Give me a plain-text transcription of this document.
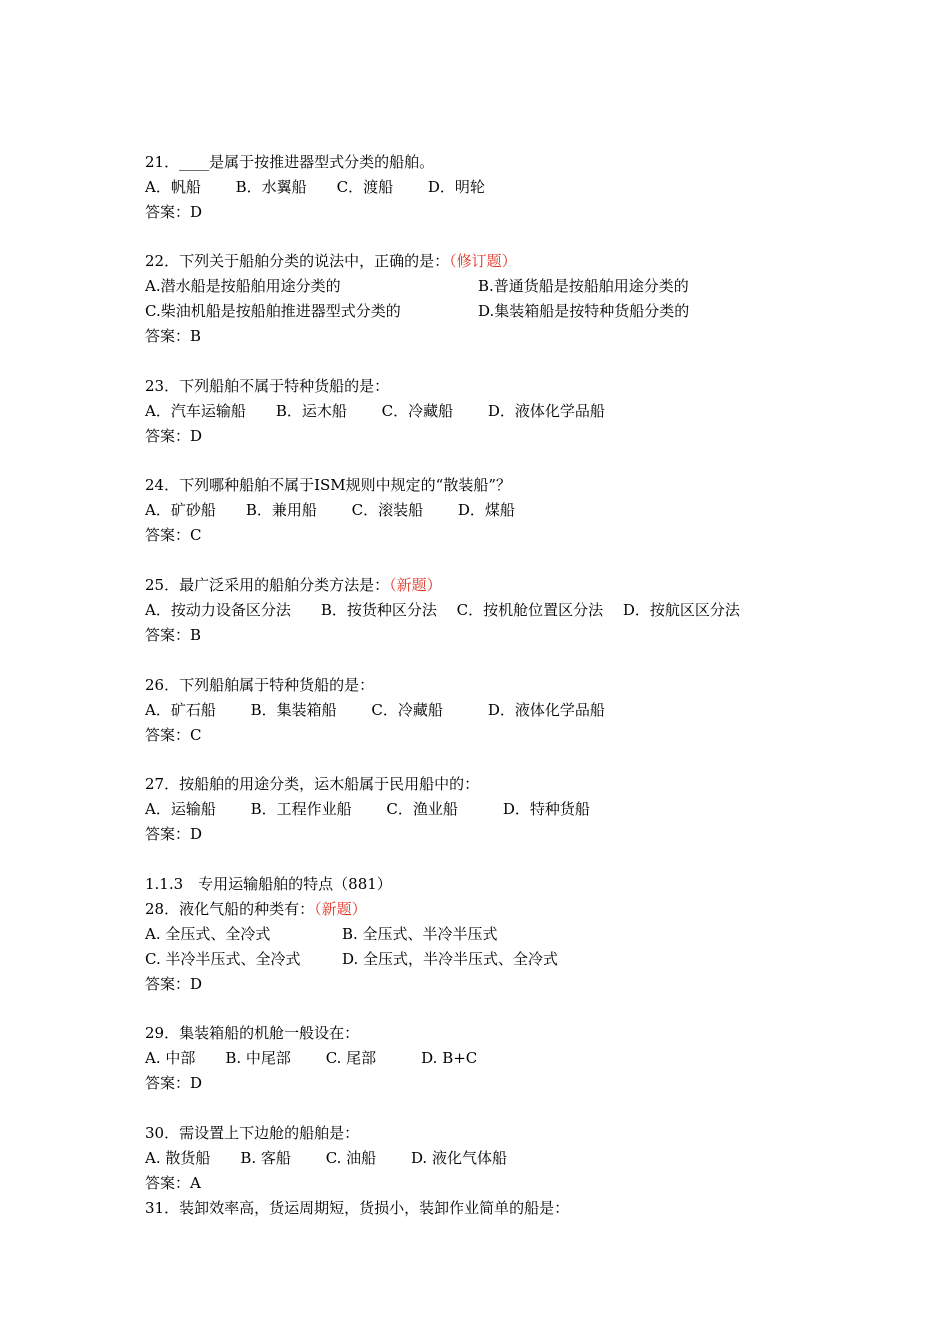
21．____是属于按推进器型式分类的船舶。
A．帆船　　 B．水翼船　　C．渡船　　 D．明轮
答案：D
22．下列关于船舶分类的说法中，正确的是：（修订题）
A.潜水船是按船舶用途分类的	B.普通货船是按船舶用途分类的
C.柴油机船是按船舶推进器型式分类的	D.集装箱船是按特种货船分类的
答案：B
23．下列船舶不属于特种货船的是：
A．汽车运输船　　B．运木船　　 C．冷藏船　　 D．液体化学品船
答案：D
24．下列哪种船舶不属于ISM规则中规定的“散装船”？
A．矿砂船　　B．兼用船　　 C．滚装船　　 D．煤船
答案：C
25．最广泛采用的船舶分类方法是：（新题）
A．按动力设备区分法　　B．按货种区分法　 C．按机舱位置区分法　 D．按航区区分法
答案：B
26．下列船舶属于特种货船的是：
A．矿石船　　 B．集装箱船　　 C．冷藏船　　　D．液体化学品船
答案：C
27．按船舶的用途分类，运木船属于民用船中的：
A．运输船　　 B．工程作业船　　 C．渔业船　　　D．特种货船
答案：D
1.1.3　专用运输船舶的特点（881）
28．液化气船的种类有：（新题）
A. 全压式、全冷式	B. 全压式、半冷半压式
C. 半冷半压式、全冷式	D. 全压式，半冷半压式、全冷式
答案：D
29．集装箱船的机舱一般设在：
A. 中部　　B. 中尾部　　 C. 尾部　　　D. B+C
答案：D
30．需设置上下边舱的船舶是：
A. 散货船　　B. 客船　　 C. 油船　　 D. 液化气体船
答案：A
31．装卸效率高，货运周期短，货损小，装卸作业简单的船是：
